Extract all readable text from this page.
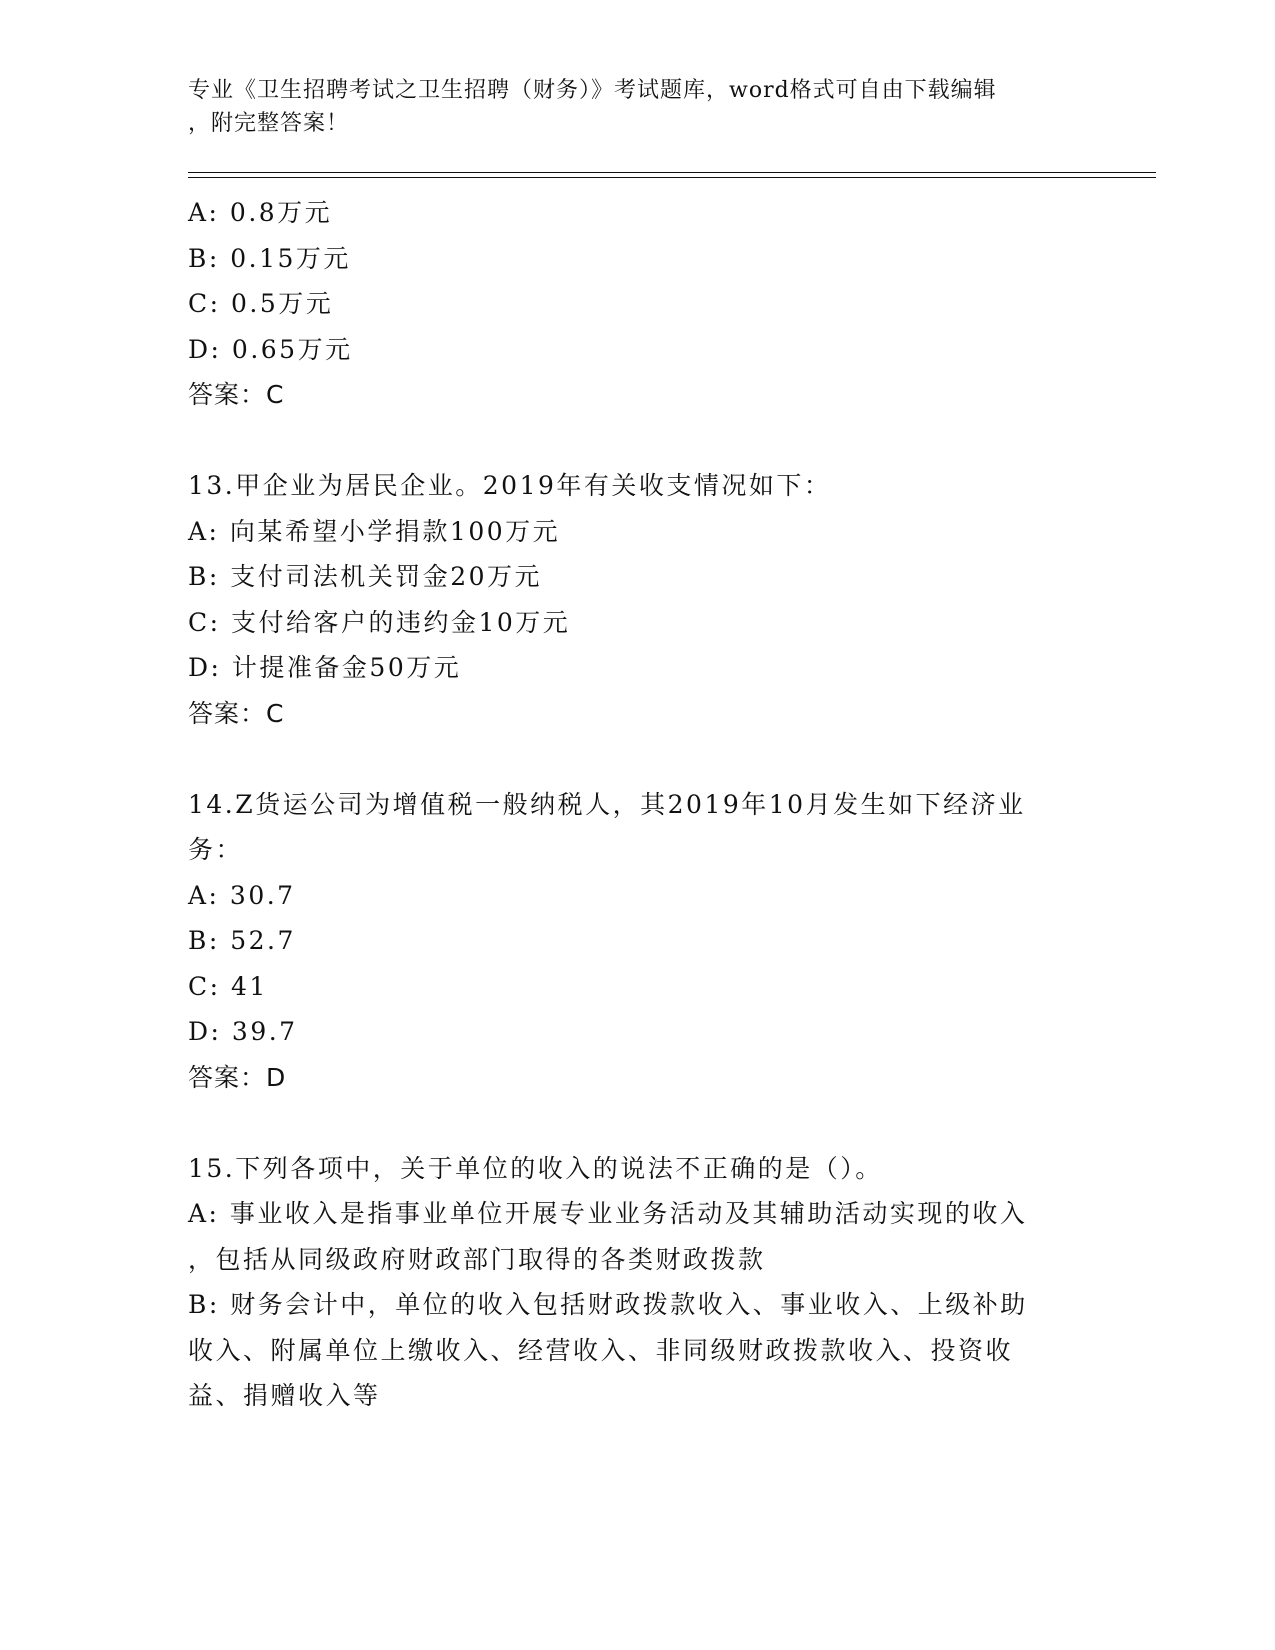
专业《卫生招聘考试之卫生招聘（财务）》考试题库，word格式可自由下载编辑
，附完整答案！
A: 0.8万元
B: 0.15万元
C: 0.5万元
D: 0.65万元
答案：C
13.甲企业为居民企业。2019年有关收支情况如下：
A: 向某希望小学捐款100万元
B: 支付司法机关罚金20万元
C: 支付给客户的违约金10万元
D: 计提准备金50万元
答案：C
14.Z货运公司为增值税一般纳税人，其2019年10月发生如下经济业
务：
A: 30.7
B: 52.7
C: 41
D: 39.7
答案：D
15.下列各项中，关于单位的收入的说法不正确的是（）。
A: 事业收入是指事业单位开展专业业务活动及其辅助活动实现的收入
，包括从同级政府财政部门取得的各类财政拨款
B: 财务会计中，单位的收入包括财政拨款收入、事业收入、上级补助
收入、附属单位上缴收入、经营收入、非同级财政拨款收入、投资收
益、捐赠收入等
